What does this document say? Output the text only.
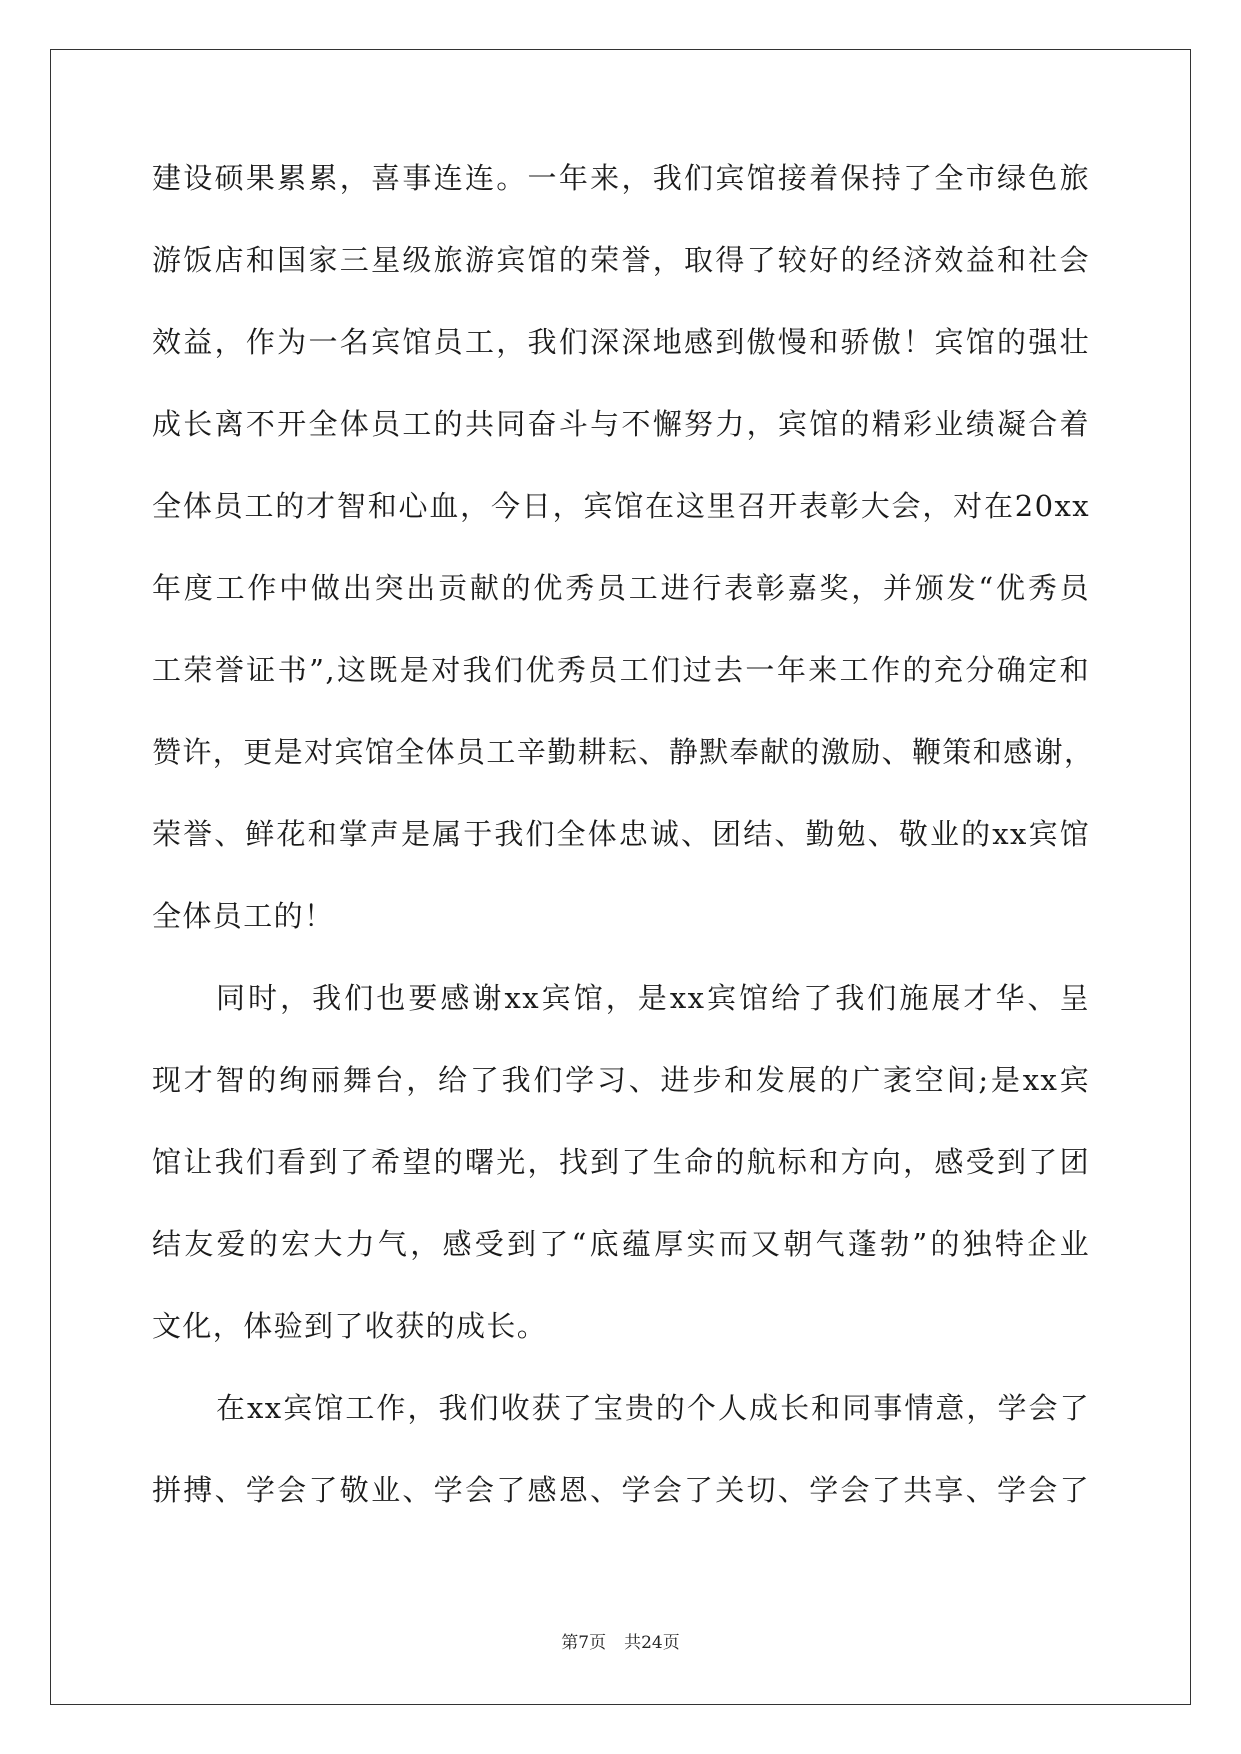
建设硕果累累，喜事连连。一年来，我们宾馆接着保持了全市绿色旅
游饭店和国家三星级旅游宾馆的荣誉，取得了较好的经济效益和社会
效益，作为一名宾馆员工，我们深深地感到傲慢和骄傲！宾馆的强壮
成长离不开全体员工的共同奋斗与不懈努力，宾馆的精彩业绩凝合着
全体员工的才智和心血，今日，宾馆在这里召开表彰大会，对在20xx
年度工作中做出突出贡献的优秀员工进行表彰嘉奖，并颁发“优秀员
工荣誉证书”,这既是对我们优秀员工们过去一年来工作的充分确定和
赞许，更是对宾馆全体员工辛勤耕耘、静默奉献的激励、鞭策和感谢，
荣誉、鲜花和掌声是属于我们全体忠诚、团结、勤勉、敬业的xx宾馆
全体员工的！
同时，我们也要感谢xx宾馆，是xx宾馆给了我们施展才华、呈
现才智的绚丽舞台，给了我们学习、进步和发展的广袤空间;是xx宾
馆让我们看到了希望的曙光，找到了生命的航标和方向，感受到了团
结友爱的宏大力气，感受到了“底蕴厚实而又朝气蓬勃”的独特企业
文化，体验到了收获的成长。
在xx宾馆工作，我们收获了宝贵的个人成长和同事情意，学会了
拼搏、学会了敬业、学会了感恩、学会了关切、学会了共享、学会了
第7页 共24页
